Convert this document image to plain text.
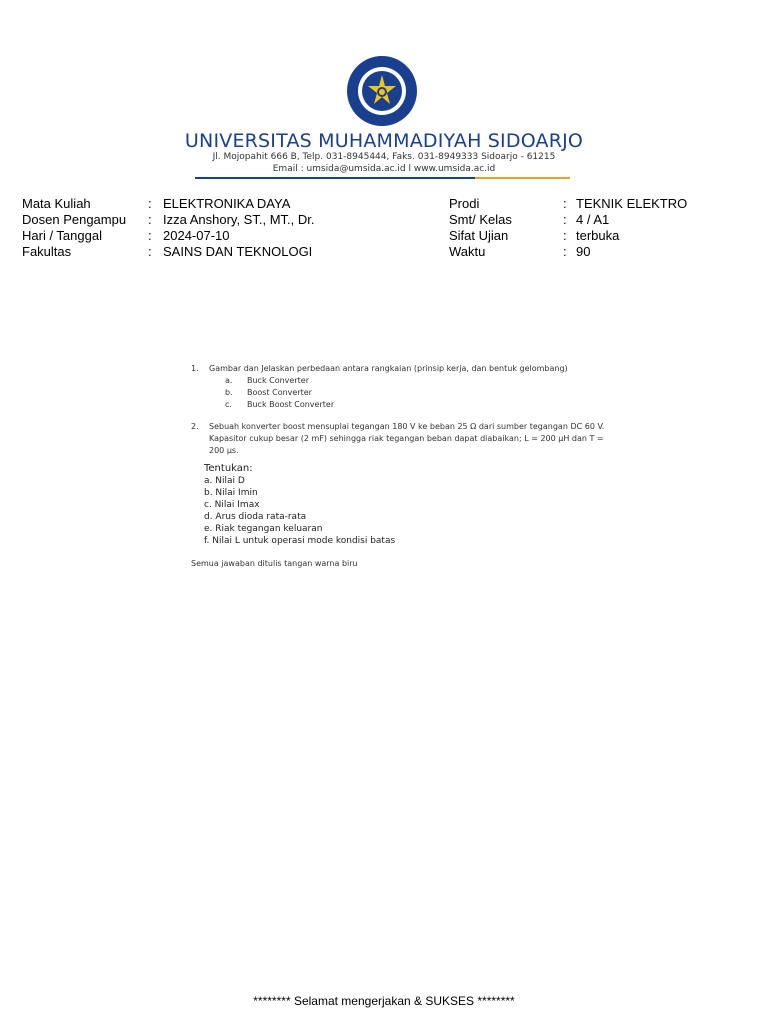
UNIVERSITAS MUHAMMADIYAH SIDOARJO
Jl. Mojopahit 666 B, Telp. 031-8945444, Faks. 031-8949333 Sidoarjo - 61215
Email : umsida@umsida.ac.id l www.umsida.ac.id
Mata Kuliah	: ELEKTRONIKA DAYA
Dosen Pengampu	: Izza Anshory, ST., MT., Dr.
Hari / Tanggal	: 2024-07-10
Fakultas	: SAINS DAN TEKNOLOGI
Prodi	: TEKNIK ELEKTRO
Smt/ Kelas	: 4 / A1
Sifat Ujian	: terbuka
Waktu	: 90
1. Gambar dan Jelaskan perbedaan antara rangkaian (prinsip kerja, dan bentuk gelombang)
a.	Buck Converter
b.	Boost Converter
c.	Buck Boost Converter
2. Sebuah konverter boost mensuplai tegangan 180 V ke beban 25 Ω dari sumber tegangan DC 60 V. Kapasitor cukup besar (2 mF) sehingga riak tegangan beban dapat diabaikan; L = 200 µH dan T = 200 µs.
Tentukan:
a. Nilai D
b. Nilai Imin
c. Nilai Imax
d. Arus dioda rata-rata
e. Riak tegangan keluaran
f. Nilai L untuk operasi mode kondisi batas
Semua jawaban ditulis tangan warna biru
******** Selamat mengerjakan & SUKSES ********
